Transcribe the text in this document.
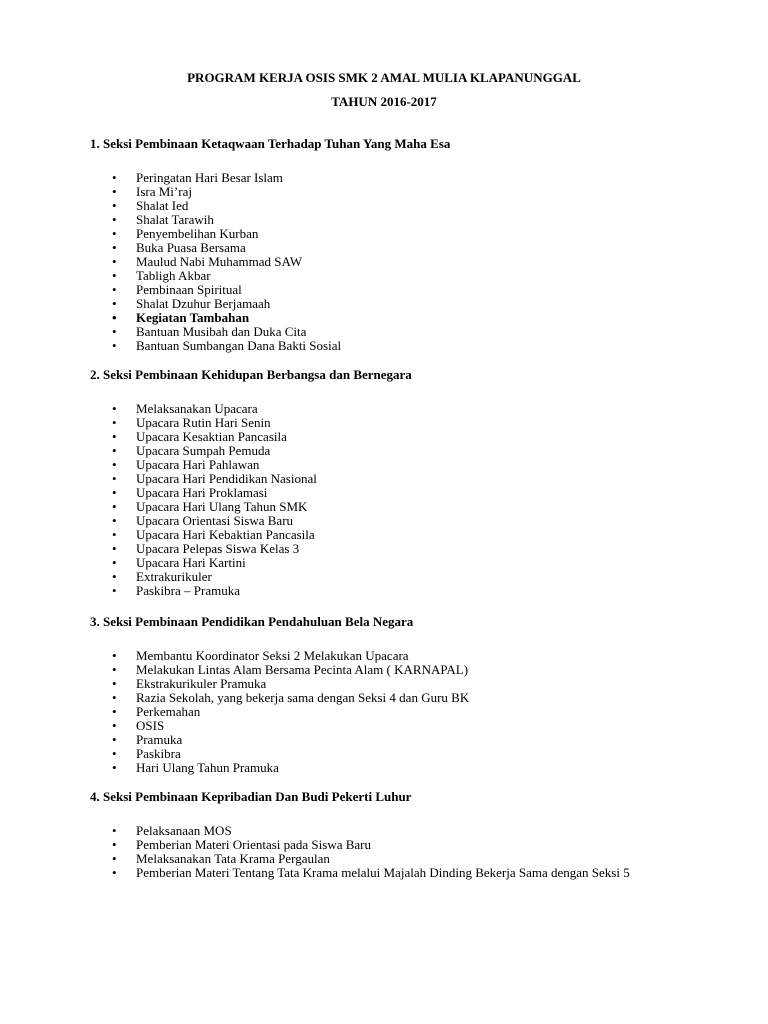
PROGRAM KERJA OSIS SMK 2 AMAL MULIA KLAPANUNGGAL

TAHUN 2016-2017

1. Seksi Pembinaan Ketaqwaan Terhadap Tuhan Yang Maha Esa

• Peringatan Hari Besar Islam
• Isra Mi’raj
• Shalat Ied
• Shalat Tarawih
• Penyembelihan Kurban
• Buka Puasa Bersama
• Maulud Nabi Muhammad SAW
• Tabligh Akbar
• Pembinaan Spiritual
• Shalat Dzuhur Berjamaah
• Kegiatan Tambahan
• Bantuan Musibah dan Duka Cita
• Bantuan Sumbangan Dana Bakti Sosial

2. Seksi Pembinaan Kehidupan Berbangsa dan Bernegara

• Melaksanakan Upacara
• Upacara Rutin Hari Senin
• Upacara Kesaktian Pancasila
• Upacara Sumpah Pemuda
• Upacara Hari Pahlawan
• Upacara Hari Pendidikan Nasional
• Upacara Hari Proklamasi
• Upacara Hari Ulang Tahun SMK
• Upacara Orientasi Siswa Baru
• Upacara Hari Kebaktian Pancasila
• Upacara Pelepas Siswa Kelas 3
• Upacara Hari Kartini
• Extrakurikuler
• Paskibra – Pramuka

3. Seksi Pembinaan Pendidikan Pendahuluan Bela Negara

• Membantu Koordinator Seksi 2 Melakukan Upacara
• Melakukan Lintas Alam Bersama Pecinta Alam ( KARNAPAL)
• Ekstrakurikuler Pramuka
• Razia Sekolah, yang bekerja sama dengan Seksi 4 dan Guru BK
• Perkemahan
• OSIS
• Pramuka
• Paskibra
• Hari Ulang Tahun Pramuka

4. Seksi Pembinaan Kepribadian Dan Budi Pekerti Luhur

• Pelaksanaan MOS
• Pemberian Materi Orientasi pada Siswa Baru
• Melaksanakan Tata Krama Pergaulan
• Pemberian Materi Tentang Tata Krama melalui Majalah Dinding Bekerja Sama dengan Seksi 5
